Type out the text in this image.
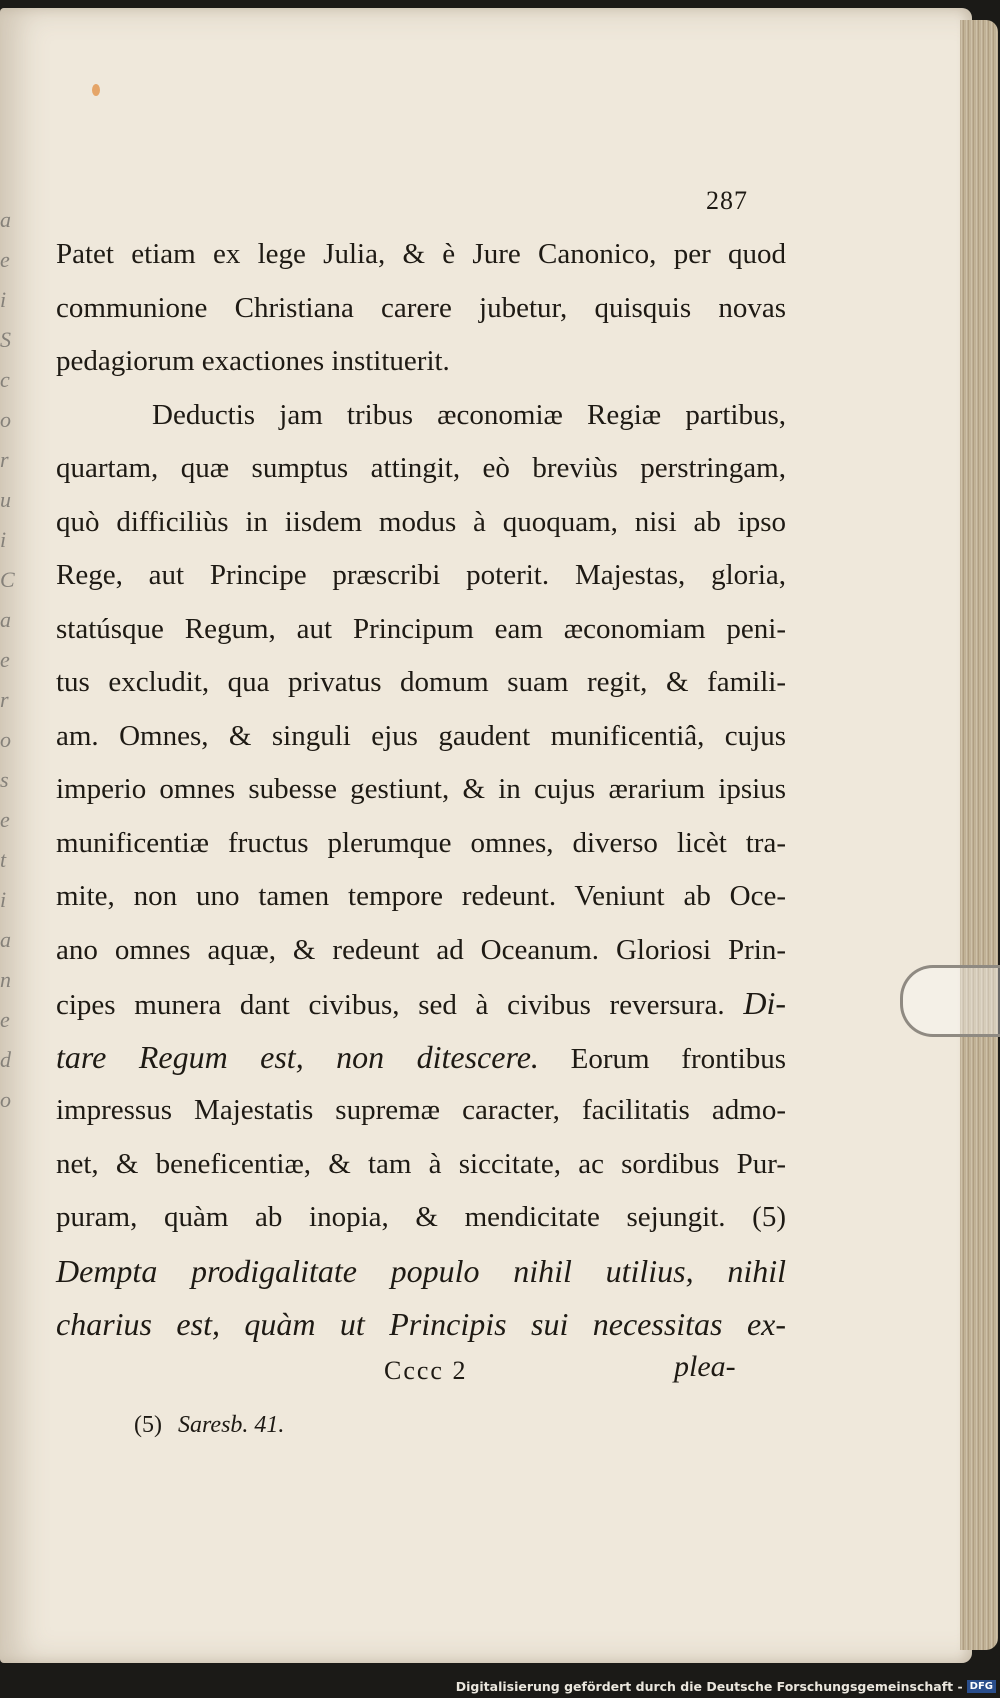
a
e
i
S
c
o
r
u
i
C
a
e
r
o
s
e
t
i
a
n
e
d
o
287
Patet etiam ex lege Julia, & è Jure Canonico, per quod
communione Christiana carere jubetur, quisquis novas
pedagiorum exactiones instituerit.
Deductis jam tribus æconomiæ Regiæ partibus,
quartam, quæ sumptus attingit, eò breviùs perstringam,
quò difficiliùs in iisdem modus à quoquam, nisi ab ipso
Rege, aut Principe præscribi poterit. Majestas, gloria,
statúsque Regum, aut Principum eam æconomiam peni-
tus excludit, qua privatus domum suam regit, & famili-
am. Omnes, & singuli ejus gaudent munificentiâ, cujus
imperio omnes subesse gestiunt, & in cujus ærarium ipsius
munificentiæ fructus plerumque omnes, diverso licèt tra-
mite, non uno tamen tempore redeunt. Veniunt ab Oce-
ano omnes aquæ, & redeunt ad Oceanum. Gloriosi Prin-
cipes munera dant civibus, sed à civibus reversura. Di-
tare Regum est, non ditescere. Eorum frontibus
impressus Majestatis supremæ caracter, facilitatis admo-
net, & beneficentiæ, & tam à siccitate, ac sordibus Pur-
puram, quàm ab inopia, & mendicitate sejungit. (5)
Dempta prodigalitate populo nihil utilius, nihil
charius est, quàm ut Principis sui necessitas ex-
Cccc 2	plea-
(5) Saresb. 41.
Digitalisierung gefördert durch die Deutsche Forschungsgemeinschaft - DFG
